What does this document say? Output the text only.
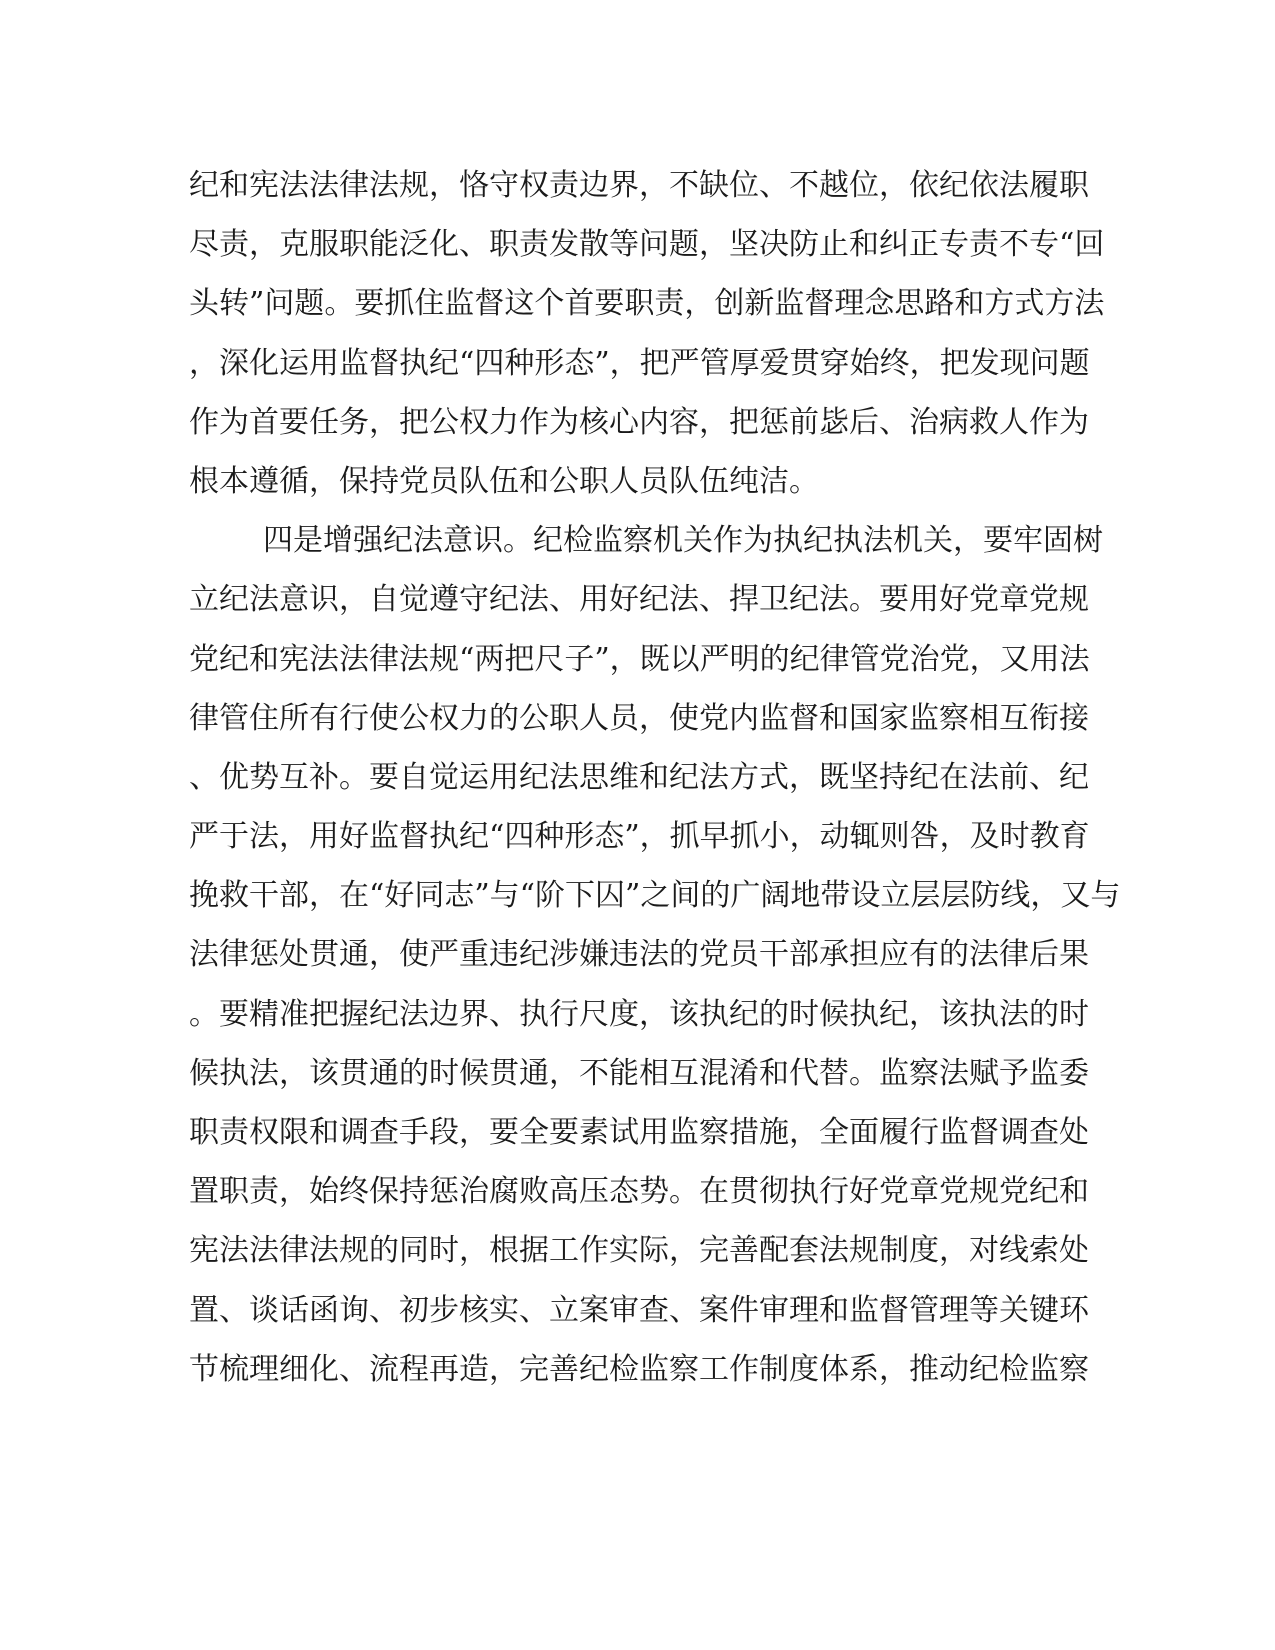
纪和宪法法律法规，恪守权责边界，不缺位、不越位，依纪依法履职
尽责，克服职能泛化、职责发散等问题，坚决防止和纠正专责不专“回
头转”问题。要抓住监督这个首要职责，创新监督理念思路和方式方法
，深化运用监督执纪“四种形态”，把严管厚爱贯穿始终，把发现问题
作为首要任务，把公权力作为核心内容，把惩前毖后、治病救人作为
根本遵循，保持党员队伍和公职人员队伍纯洁。
四是增强纪法意识。纪检监察机关作为执纪执法机关，要牢固树
立纪法意识，自觉遵守纪法、用好纪法、捍卫纪法。要用好党章党规
党纪和宪法法律法规“两把尺子”，既以严明的纪律管党治党，又用法
律管住所有行使公权力的公职人员，使党内监督和国家监察相互衔接
、优势互补。要自觉运用纪法思维和纪法方式，既坚持纪在法前、纪
严于法，用好监督执纪“四种形态”，抓早抓小，动辄则咎，及时教育
挽救干部，在“好同志”与“阶下囚”之间的广阔地带设立层层防线，又与
法律惩处贯通，使严重违纪涉嫌违法的党员干部承担应有的法律后果
。要精准把握纪法边界、执行尺度，该执纪的时候执纪，该执法的时
候执法，该贯通的时候贯通，不能相互混淆和代替。监察法赋予监委
职责权限和调查手段，要全要素试用监察措施，全面履行监督调查处
置职责，始终保持惩治腐败高压态势。在贯彻执行好党章党规党纪和
宪法法律法规的同时，根据工作实际，完善配套法规制度，对线索处
置、谈话函询、初步核实、立案审查、案件审理和监督管理等关键环
节梳理细化、流程再造，完善纪检监察工作制度体系，推动纪检监察
